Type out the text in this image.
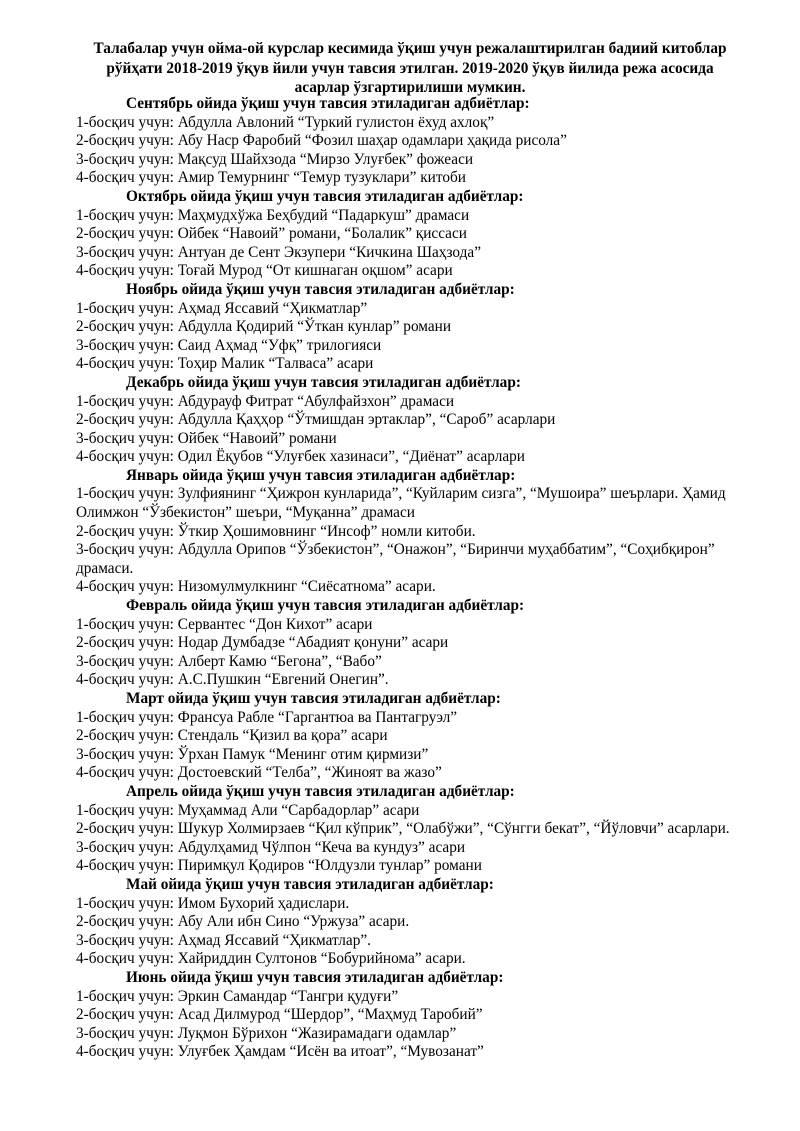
Талабалар учун ойма-ой курслар кесимида ўқиш учун режалаштирилган бадиий китоблар рўйҳати 2018-2019 ўқув йили учун тавсия этилган. 2019-2020 ўқув йилида режа асосида асарлар ўзгартирилиши мумкин.

Сентябрь ойида ўқиш учун тавсия этиладиган адбиётлар:

1-босқич учун: Абдулла Авлоний “Туркий гулистон ёхуд ахлоқ”

2-босқич учун: Абу Наср Фаробий “Фозил шаҳар одамлари ҳақида рисола”

3-босқич учун: Мақсуд Шайхзода “Мирзо Улуғбек” фожеаси

4-босқич учун: Амир Темурнинг “Темур тузуклари” китоби

Октябрь ойида ўқиш учун тавсия этиладиган адбиётлар:

1-босқич учун: Маҳмудхўжа Беҳбудий “Падаркуш” драмаси

2-босқич учун: Ойбек “Навоий” романи, “Болалик” қиссаси

3-босқич учун: Антуан де Сент Экзупери “Кичкина Шаҳзода”

4-босқич учун: Тоғай Мурод “От кишнаган оқшом” асари

Ноябрь ойида ўқиш учун тавсия этиладиган адбиётлар:

1-босқич учун: Аҳмад Яссавий “Ҳикматлар”

2-босқич учун: Абдулла Қодирий “Ўткан кунлар” романи

3-босқич учун: Саид Аҳмад “Уфқ” трилогияси

4-босқич учун: Тоҳир Малик “Талваса” асари

Декабрь ойида ўқиш учун тавсия этиладиган адбиётлар:

1-босқич учун: Абдурауф Фитрат “Абулфайзхон” драмаси

2-босқич учун: Абдулла Қаҳҳор “Ўтмишдан эртаклар”, “Сароб” асарлари

3-босқич учун: Ойбек “Навоий” романи

4-босқич учун: Одил Ёқубов “Улуғбек хазинаси”, “Диёнат” асарлари

Январь ойида ўқиш учун тавсия этиладиган адбиётлар:

1-босқич учун: Зулфиянинг “Ҳижрон кунларида”, “Куйларим сизга”, “Мушоира” шеърлари. Ҳамид Олимжон “Ўзбекистон” шеъри, “Муқанна” драмаси

2-босқич учун: Ўткир Ҳошимовнинг “Инсоф” номли китоби.

3-босқич учун: Абдулла Орипов “Ўзбекистон”, “Онажон”, “Биринчи муҳаббатим”, “Соҳибқирон” драмаси.

4-босқич учун: Низомулмулкнинг “Сиёсатнома” асари.

Февраль ойида ўқиш учун тавсия этиладиган адбиётлар:

1-босқич учун: Сервантес “Дон Кихот” асари

2-босқич учун: Нодар Думбадзе “Абадият қонуни” асари

3-босқич учун: Алберт Камю “Бегона”, “Вабо”

4-босқич учун: А.С.Пушкин “Евгений Онегин”.

Март ойида ўқиш учун тавсия этиладиган адбиётлар:

1-босқич учун: Франсуа Рабле “Гаргантюа ва Пантагруэл”

2-босқич учун: Стендаль “Қизил ва қора” асари

3-босқич учун: Ўрхан Памук “Менинг отим қирмизи”

4-босқич учун: Достоевский “Телба”, “Жиноят ва жазо”

Апрель ойида ўқиш учун тавсия этиладиган адбиётлар:

1-босқич учун: Муҳаммад Али “Сарбадорлар” асари

2-босқич учун: Шукур Холмирзаев “Қил кўприк”, “Олабўжи”, “Сўнгги бекат”, “Йўловчи” асарлари.

3-босқич учун: Абдулҳамид Чўлпон “Кеча ва кундуз” асари

4-босқич учун: Пиримқул Қодиров “Юлдузли тунлар” романи

Май ойида ўқиш учун тавсия этиладиган адбиётлар:

1-босқич учун: Имом Бухорий ҳадислари.

2-босқич учун: Абу Али ибн Сино “Уржуза” асари.

3-босқич учун: Аҳмад Яссавий “Ҳикматлар”.

4-босқич учун: Хайриддин Султонов “Бобурийнома” асари.

Июнь ойида ўқиш учун тавсия этиладиган адбиётлар:

1-босқич учун: Эркин Самандар “Тангри қудуғи”

2-босқич учун: Асад Дилмурод “Шердор”, “Маҳмуд Таробий”

3-босқич учун: Луқмон Бўрихон “Жазирамадаги одамлар”

4-босқич учун: Улуғбек Ҳамдам “Исён ва итоат”, “Мувозанат”
